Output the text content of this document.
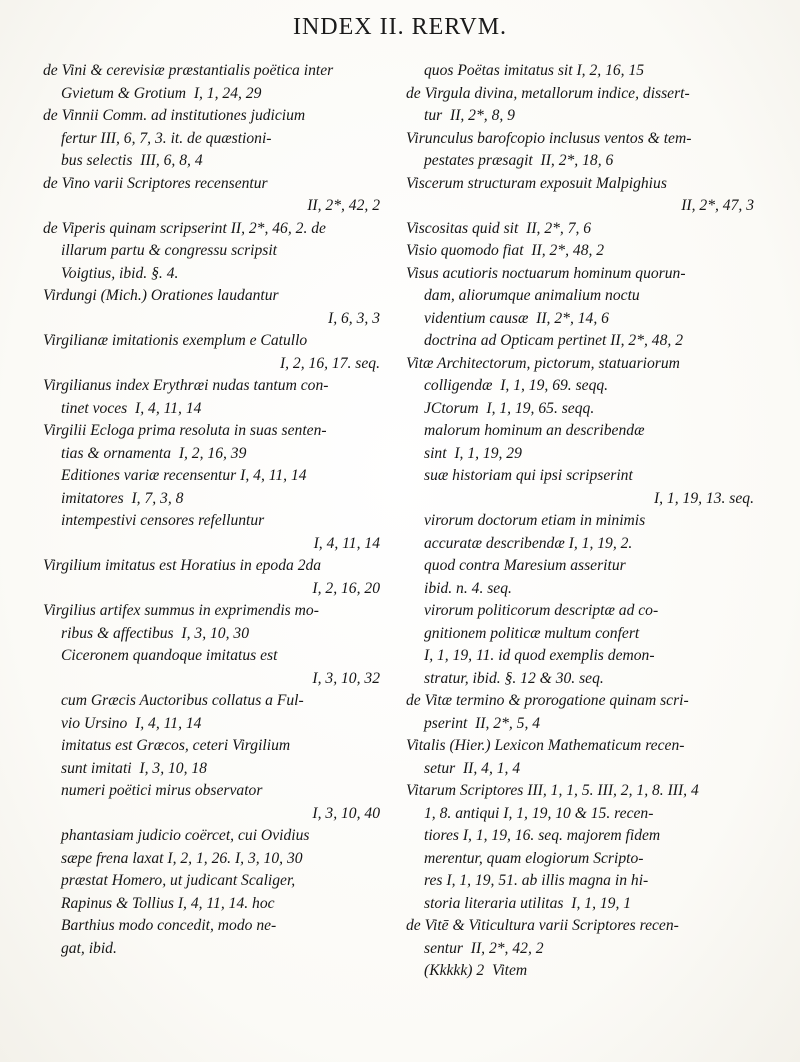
INDEX II. RERVM.
de Vini & cerevisiæ præstantialis poëtica inter
Gvietum & Grotium  I, 1, 24, 29
de Vinnii Comm. ad institutiones judicium
fertur III, 6, 7, 3. it. de quæstioni-
bus selectis  III, 6, 8, 4
de Vino varii Scriptores recensentur
II, 2*, 42, 2
de Viperis quinam scripserint II, 2*, 46, 2. de
illarum partu & congressu scripsit
Voigtius, ibid. §. 4.
Virdungi (Mich.) Orationes laudantur
I, 6, 3, 3
Virgilianæ imitationis exemplum e Catullo
I, 2, 16, 17. seq.
Virgilianus index Erythræi nudas tantum con-
tinet voces  I, 4, 11, 14
Virgilii Ecloga prima resoluta in suas senten-
tias & ornamenta  I, 2, 16, 39
Editiones variæ recensentur I, 4, 11, 14
imitatores  I, 7, 3, 8
intempestivi censores refelluntur
I, 4, 11, 14
Virgilium imitatus est Horatius in epoda 2da
I, 2, 16, 20
Virgilius artifex summus in exprimendis mo-
ribus & affectibus  I, 3, 10, 30
Ciceronem quandoque imitatus est
I, 3, 10, 32
cum Græcis Auctoribus collatus a Ful-
vio Ursino  I, 4, 11, 14
imitatus est Græcos, ceteri Virgilium
sunt imitati  I, 3, 10, 18
numeri poëtici mirus observator
I, 3, 10, 40
phantasiam judicio coërcet, cui Ovidius
sæpe frena laxat I, 2, 1, 26. I, 3, 10, 30
præstat Homero, ut judicant Scaliger,
Rapinus & Tollius I, 4, 11, 14. hoc
Barthius modo concedit, modo ne-
gat, ibid.
quos Poëtas imitatus sit I, 2, 16, 15
de Virgula divina, metallorum indice, dissert-
tur  II, 2*, 8, 9
Virunculus barofcopio inclusus ventos & tem-
pestates præsagit  II, 2*, 18, 6
Viscerum structuram exposuit Malpighius
II, 2*, 47, 3
Viscositas quid sit  II, 2*, 7, 6
Visio quomodo fiat  II, 2*, 48, 2
Visus acutioris noctuarum hominum quorun-
dam, aliorumque animalium noctu
videntium causæ  II, 2*, 14, 6
doctrina ad Opticam pertinet II, 2*, 48, 2
Vitæ Architectorum, pictorum, statuariorum
colligendæ  I, 1, 19, 69. seqq.
JCtorum  I, 1, 19, 65. seqq.
malorum hominum an describendæ
sint  I, 1, 19, 29
suæ historiam qui ipsi scripserint
I, 1, 19, 13. seq.
virorum doctorum etiam in minimis
accuratæ describendæ I, 1, 19, 2.
quod contra Maresium asseritur
ibid. n. 4. seq.
virorum politicorum descriptæ ad co-
gnitionem politicæ multum confert
I, 1, 19, 11. id quod exemplis demon-
stratur, ibid. §. 12 & 30. seq.
de Vitæ termino & prorogatione quinam scri-
pserint  II, 2*, 5, 4
Vitalis (Hier.) Lexicon Mathematicum recen-
setur  II, 4, 1, 4
Vitarum Scriptores III, 1, 1, 5. III, 2, 1, 8. III, 4
1, 8. antiqui I, 1, 19, 10 & 15. recen-
tiores I, 1, 19, 16. seq. majorem fidem
merentur, quam elogiorum Scripto-
res I, 1, 19, 51. ab illis magna in hi-
storia literaria utilitas  I, 1, 19, 1
de Vitē & Viticultura varii Scriptores recen-
sentur  II, 2*, 42, 2
(Kkkkk) 2  Vitem
